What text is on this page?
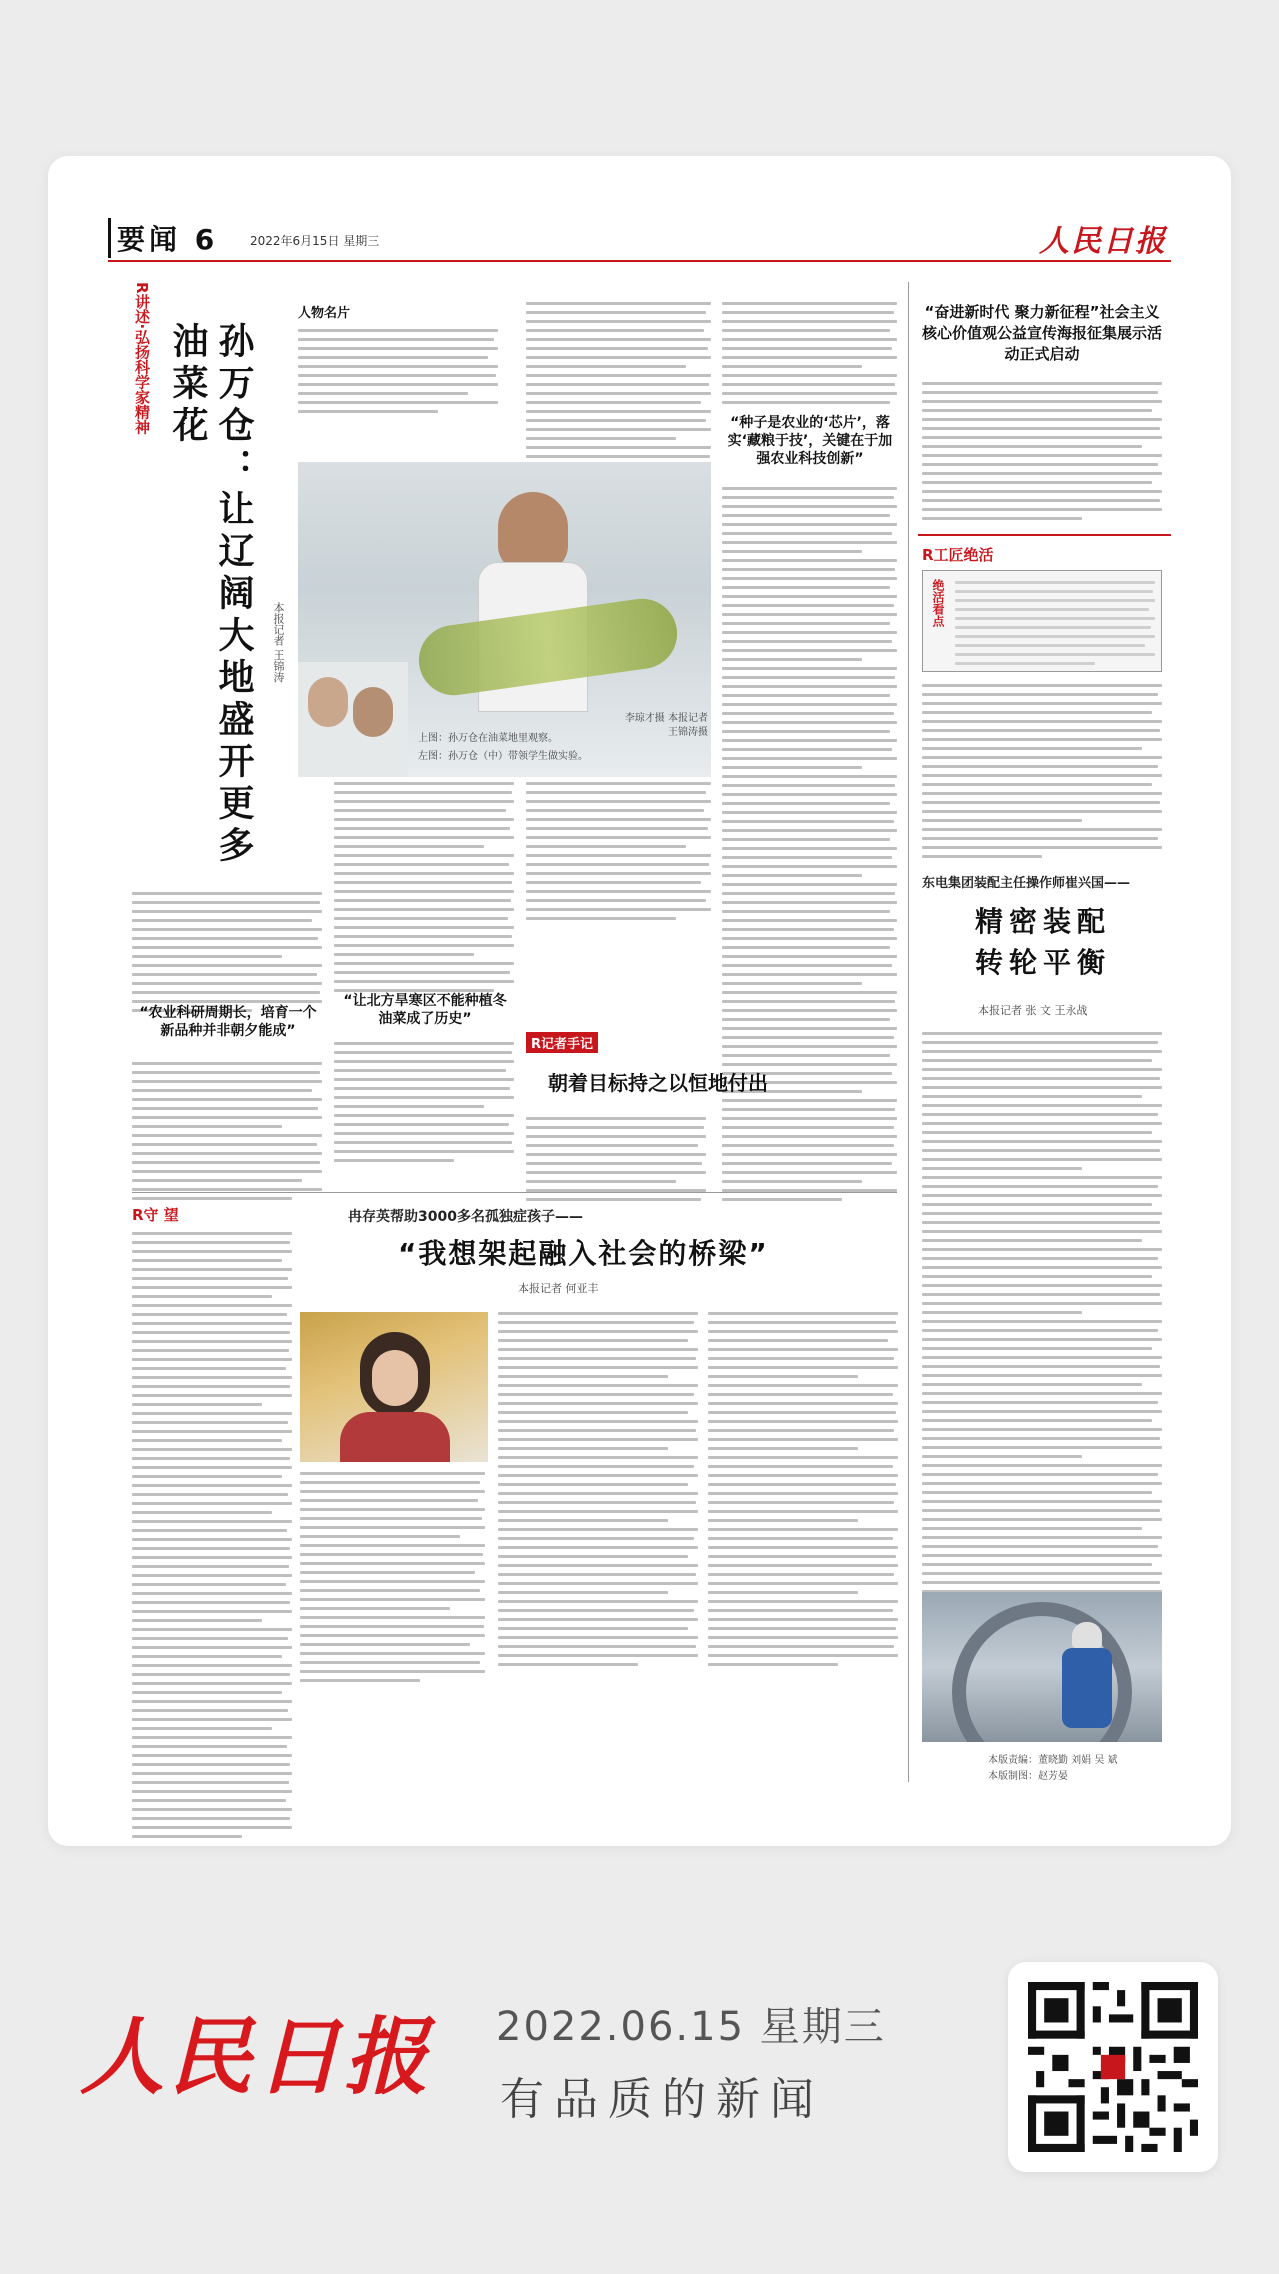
要闻 6	2022年6月15日 星期三	人民日报
R讲述·弘扬科学家精神	孙万仓：让辽阔大地盛开更多油菜花
本报记者 王锦涛
人物名片
上图：孙万仓在油菜地里观察。
左图：孙万仓（中）带领学生做实验。
李琼才摄 本报记者 王锦涛摄
“农业科研周期长，培育一个新品种并非朝夕能成”
“让北方旱寒区不能种植冬油菜成了历史”
“种子是农业的‘芯片’，落实‘藏粮于技’，关键在于加强农业科技创新”
R记者手记
朝着目标持之以恒地付出
R守 望	冉存英帮助3000多名孤独症孩子——
“我想架起融入社会的桥梁”
本报记者 何亚丰
“奋进新时代 聚力新征程”社会主义核心价值观公益宣传海报征集展示活动正式启动
R工匠绝活
绝活看点
东电集团装配主任操作师崔兴国——
精密装配 转轮平衡
本报记者 张 文 王永战
本版责编：董晓勤 刘娟 吴 斌
本版制图：赵芳晏
人民日报 2022.06.15 星期三
有品质的新闻
